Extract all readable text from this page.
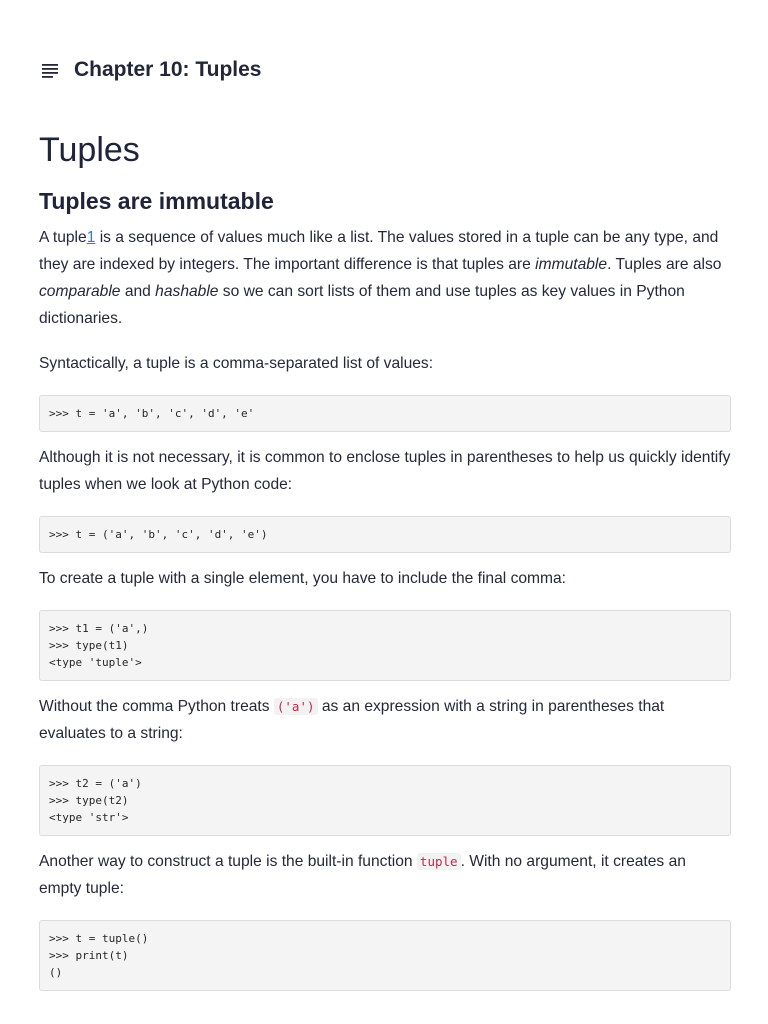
Chapter 10: Tuples
Tuples
Tuples are immutable

A tuple1 is a sequence of values much like a list. The values stored in a tuple can be any type, and they are indexed by integers. The important difference is that tuples are immutable. Tuples are also comparable and hashable so we can sort lists of them and use tuples as key values in Python dictionaries.

Syntactically, a tuple is a comma-separated list of values:

>>> t = 'a', 'b', 'c', 'd', 'e'

Although it is not necessary, it is common to enclose tuples in parentheses to help us quickly identify tuples when we look at Python code:

>>> t = ('a', 'b', 'c', 'd', 'e')

To create a tuple with a single element, you have to include the final comma:

>>> t1 = ('a',)
>>> type(t1)
<type 'tuple'>

Without the comma Python treats ('a') as an expression with a string in parentheses that evaluates to a string:

>>> t2 = ('a')
>>> type(t2)
<type 'str'>

Another way to construct a tuple is the built-in function tuple . With no argument, it creates an empty tuple:

>>> t = tuple()
>>> print(t)
()
